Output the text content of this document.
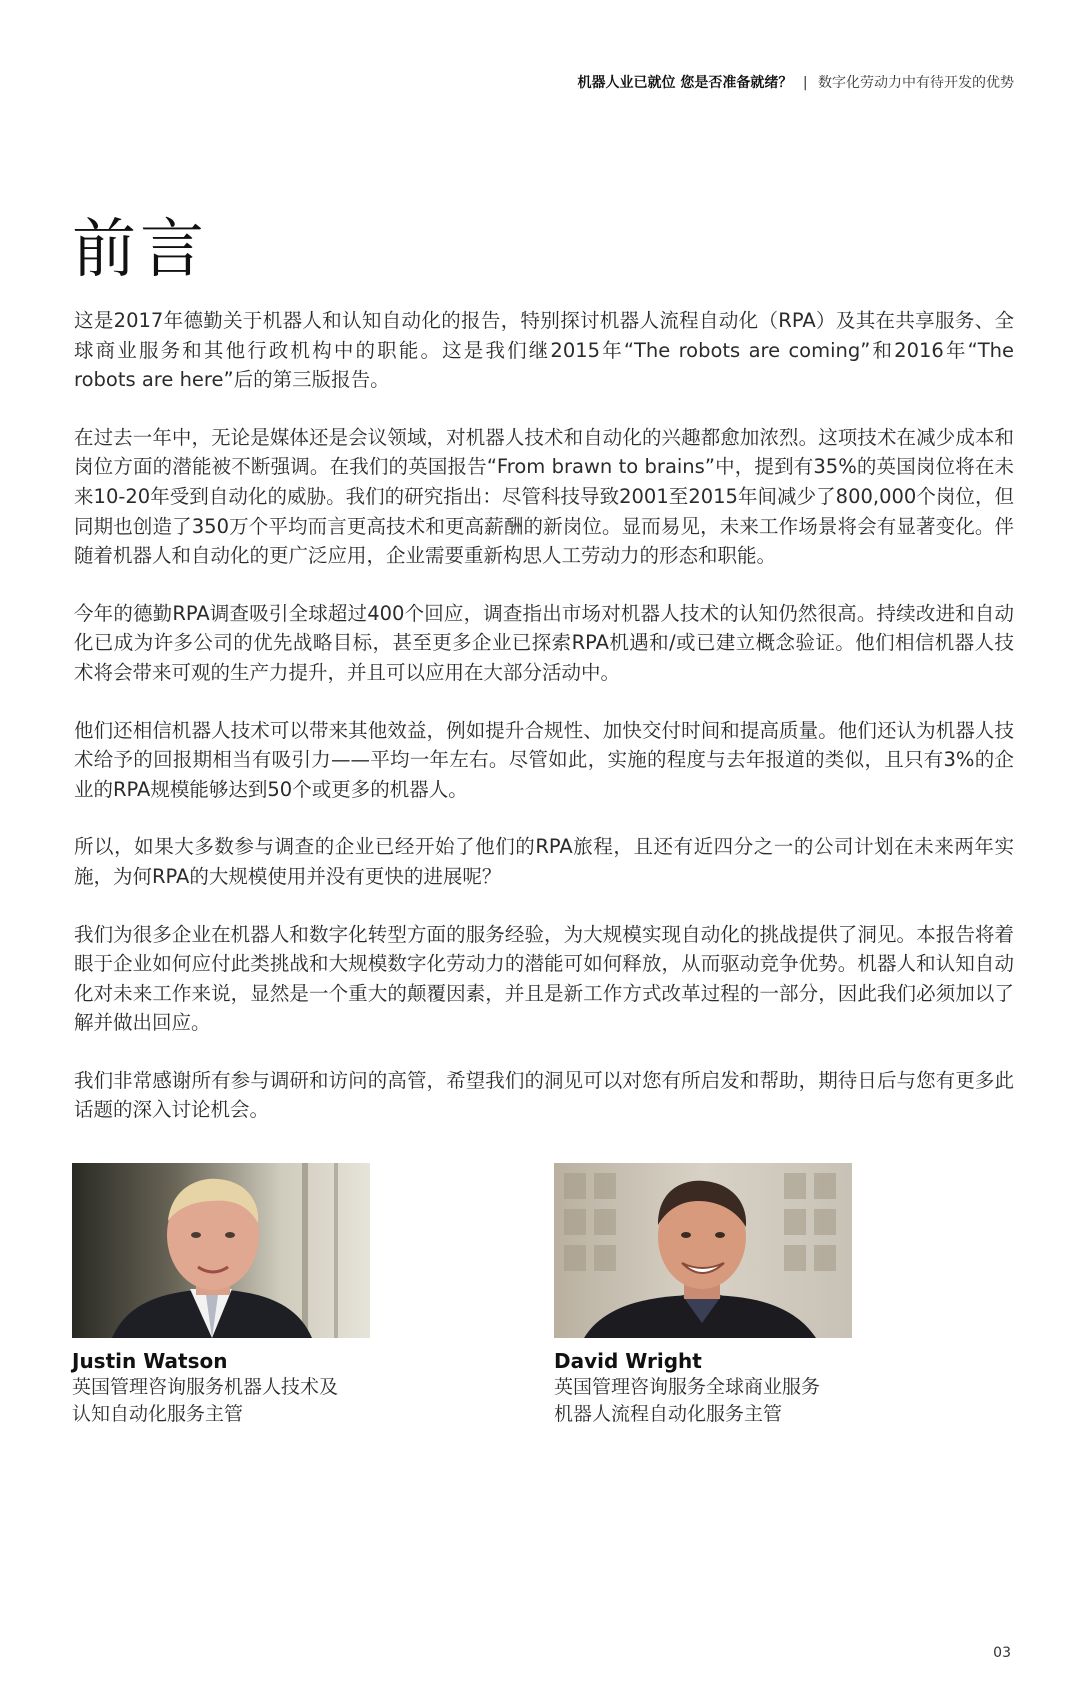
机器人业已就位 您是否准备就绪？ | 数字化劳动力中有待开发的优势
前言

这是2017年德勤关于机器人和认知自动化的报告，特别探讨机器人流程自动化（RPA）及其在共享服务、全球商业服务和其他行政机构中的职能。这是我们继2015年“The robots are coming”和2016年“The robots are here”后的第三版报告。

在过去一年中，无论是媒体还是会议领域，对机器人技术和自动化的兴趣都愈加浓烈。这项技术在减少成本和岗位方面的潜能被不断强调。在我们的英国报告“From brawn to brains”中，提到有35%的英国岗位将在未来10-20年受到自动化的威胁。我们的研究指出：尽管科技导致2001至2015年间减少了800,000个岗位，但同期也创造了350万个平均而言更高技术和更高薪酬的新岗位。显而易见，未来工作场景将会有显著变化。伴随着机器人和自动化的更广泛应用，企业需要重新构思人工劳动力的形态和职能。

今年的德勤RPA调查吸引全球超过400个回应，调查指出市场对机器人技术的认知仍然很高。持续改进和自动化已成为许多公司的优先战略目标，甚至更多企业已探索RPA机遇和/或已建立概念验证。他们相信机器人技术将会带来可观的生产力提升，并且可以应用在大部分活动中。

他们还相信机器人技术可以带来其他效益，例如提升合规性、加快交付时间和提高质量。他们还认为机器人技术给予的回报期相当有吸引力——平均一年左右。尽管如此，实施的程度与去年报道的类似，且只有3%的企业的RPA规模能够达到50个或更多的机器人。

所以，如果大多数参与调查的企业已经开始了他们的RPA旅程，且还有近四分之一的公司计划在未来两年实施，为何RPA的大规模使用并没有更快的进展呢？

我们为很多企业在机器人和数字化转型方面的服务经验，为大规模实现自动化的挑战提供了洞见。本报告将着眼于企业如何应付此类挑战和大规模数字化劳动力的潜能可如何释放，从而驱动竞争优势。机器人和认知自动化对未来工作来说，显然是一个重大的颠覆因素，并且是新工作方式改革过程的一部分，因此我们必须加以了解并做出回应。

我们非常感谢所有参与调研和访问的高管，希望我们的洞见可以对您有所启发和帮助，期待日后与您有更多此话题的深入讨论机会。

Justin Watson
英国管理咨询服务机器人技术及
认知自动化服务主管
David Wright
英国管理咨询服务全球商业服务
机器人流程自动化服务主管
03
